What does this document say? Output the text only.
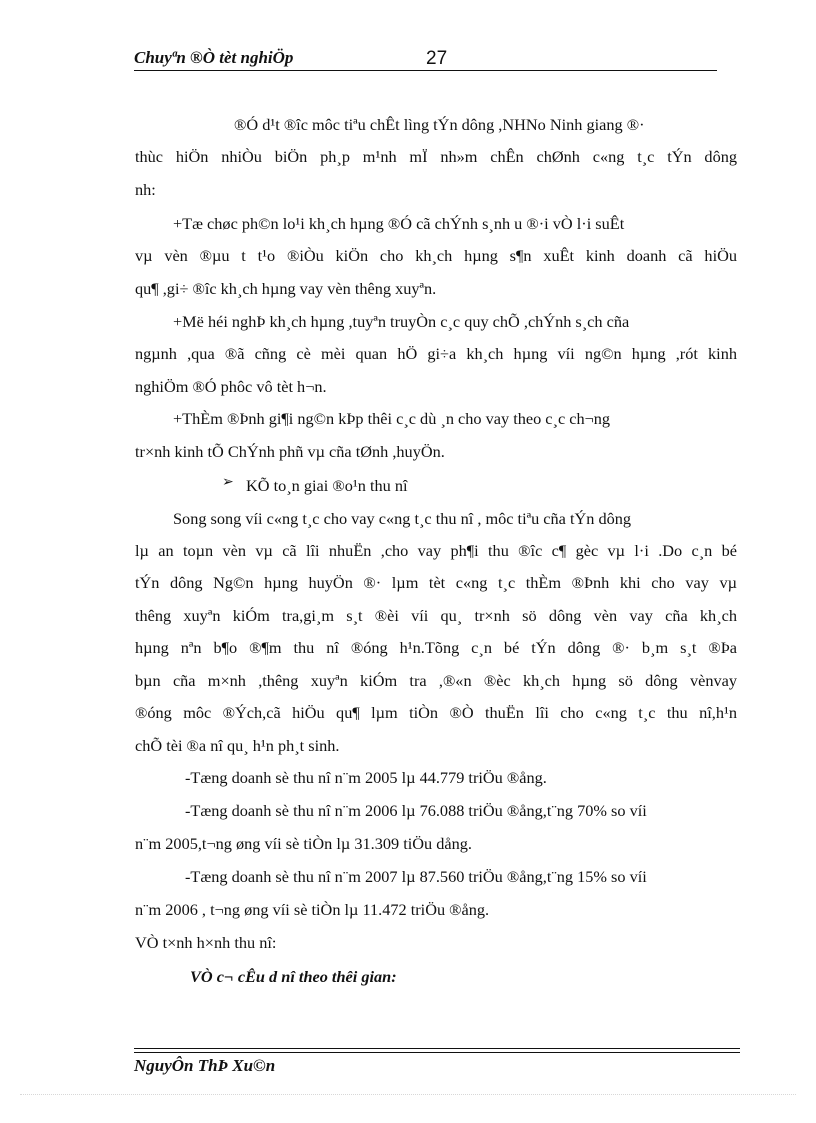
Chuyªn ®Ò tèt nghiÖp	27
®Ó d¹t ®îc môc tiªu chÊt lìng tÝn dông ,NHNo Ninh giang ®·
thùc hiÖn nhiÒu biÖn ph¸p m¹nh mÏ nh»m chÊn chØnh c«ng t¸c tÝn dông
nh:
+Tæ chøc ph©n lo¹i kh¸ch hµng ®Ó cã chÝnh s¸nh u ®·i vÒ l·i suÊt
vµ vèn ®µu t t¹o ®iÒu kiÖn cho kh¸ch hµng s¶n xuÊt kinh doanh cã hiÖu
qu¶ ,gi÷ ®îc kh¸ch hµng vay vèn thêng xuyªn.
+Më héi nghÞ kh¸ch hµng ,tuyªn truyÒn c¸c quy chÕ ,chÝnh s¸ch cña
ngµnh ,qua ®ã cñng cè mèi quan hÖ gi÷a kh¸ch hµng víi ng©n hµng ,rót kinh
nghiÖm ®Ó phôc vô tèt h¬n.
+ThÈm ®Þnh gi¶i ng©n kÞp thêi c¸c dù ¸n cho vay theo c¸c ch¬ng
tr×nh kinh tÕ ChÝnh phñ vµ cña tØnh ,huyÖn.
➢ KÕ to¸n giai ®o¹n thu nî
Song song víi c«ng t¸c cho vay c«ng t¸c thu nî , môc tiªu cña tÝn dông
lµ an toµn vèn vµ cã lîi nhuËn ,cho vay ph¶i thu ®îc c¶ gèc vµ l·i .Do c¸n bé
tÝn dông Ng©n hµng huyÖn ®· lµm tèt c«ng t¸c thÈm ®Þnh khi cho vay vµ
thêng xuyªn kiÓm tra,gi¸m s¸t ®èi víi qu¸ tr×nh sö dông vèn vay cña kh¸ch
hµng nªn b¶o ®¶m thu nî ®óng h¹n.Tõng c¸n bé tÝn dông ®· b¸m s¸t ®Þa
bµn cña m×nh ,thêng xuyªn kiÓm tra ,®«n ®èc kh¸ch hµng sö dông vènvay
®óng môc ®Ých,cã hiÖu qu¶ lµm tiÒn ®Ò thuËn lîi cho c«ng t¸c thu nî,h¹n
chÕ tèi ®a nî qu¸ h¹n ph¸t sinh.
-Tæng doanh sè thu nî n¨m 2005 lµ 44.779 triÖu ®ång.
-Tæng doanh sè thu nî n¨m 2006 lµ 76.088 triÖu ®ång,t¨ng 70% so víi
n¨m 2005,t¬ng øng víi sè tiÒn lµ 31.309 tiÖu dång.
-Tæng doanh sè thu nî n¨m 2007 lµ 87.560 triÖu ®ång,t¨ng 15% so víi
n¨m 2006 , t¬ng øng víi sè tiÒn lµ 11.472 triÖu ®ång.
VÒ t×nh h×nh thu nî:
VÒ c¬ cÊu d nî theo thêi gian:
NguyÔn ThÞ Xu©n
